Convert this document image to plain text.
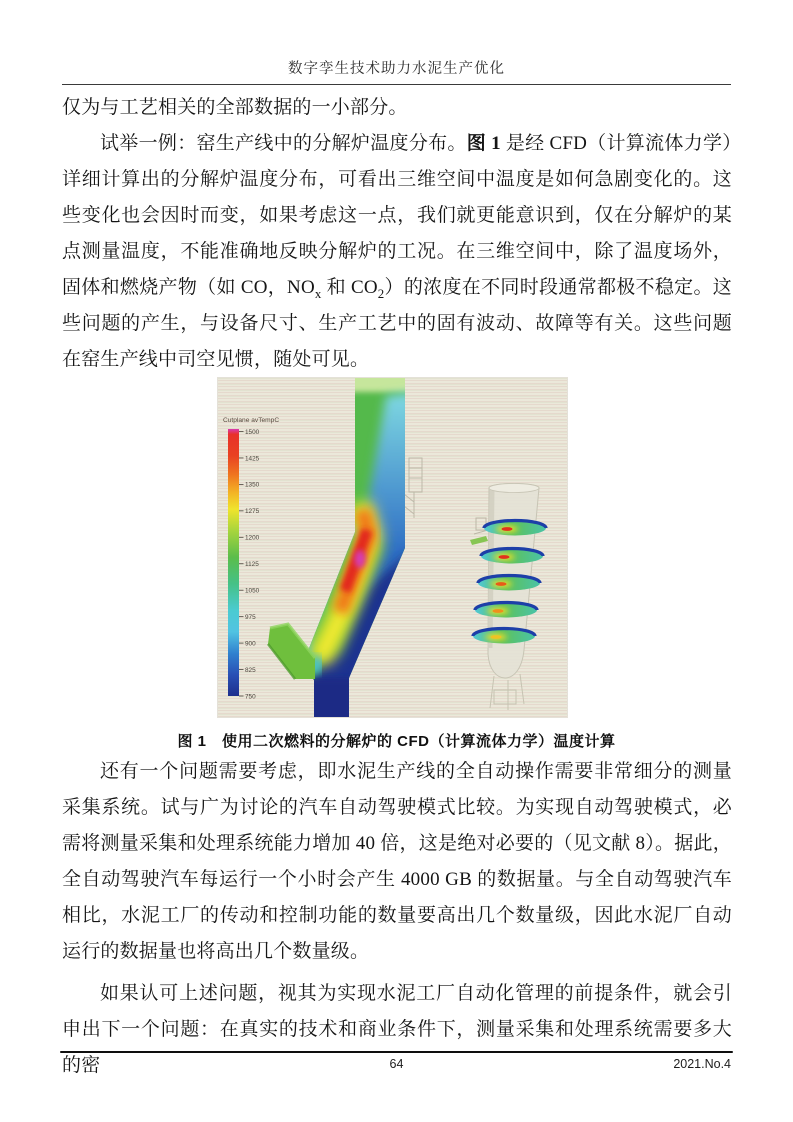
数字孪生技术助力水泥生产优化
仅为与工艺相关的全部数据的一小部分。
试举一例：窑生产线中的分解炉温度分布。图 1 是经 CFD（计算流体力学）详细计算出的分解炉温度分布，可看出三维空间中温度是如何急剧变化的。这些变化也会因时而变，如果考虑这一点，我们就更能意识到，仅在分解炉的某点测量温度，不能准确地反映分解炉的工况。在三维空间中，除了温度场外，固体和燃烧产物（如 CO，$NO_x$ 和 $CO_2$）的浓度在不同时段通常都极不稳定。这些问题的产生，与设备尺寸、生产工艺中的固有波动、故障等有关。这些问题在窑生产线中司空见惯，随处可见。
Cutplane avTempC
1500
1425
1350
1275
1200
1125
1050
975
900
825
750
图 1　使用二次燃料的分解炉的 CFD（计算流体力学）温度计算
还有一个问题需要考虑，即水泥生产线的全自动操作需要非常细分的测量采集系统。试与广为讨论的汽车自动驾驶模式比较。为实现自动驾驶模式，必需将测量采集和处理系统能力增加 40 倍，这是绝对必要的（见文献 8）。据此，全自动驾驶汽车每运行一个小时会产生 4000 GB 的数据量。与全自动驾驶汽车相比，水泥工厂的传动和控制功能的数量要高出几个数量级，因此水泥厂自动运行的数据量也将高出几个数量级。
如果认可上述问题，视其为实现水泥工厂自动化管理的前提条件，就会引申出下一个问题：在真实的技术和商业条件下，测量采集和处理系统需要多大的密	64	2021.No.4
